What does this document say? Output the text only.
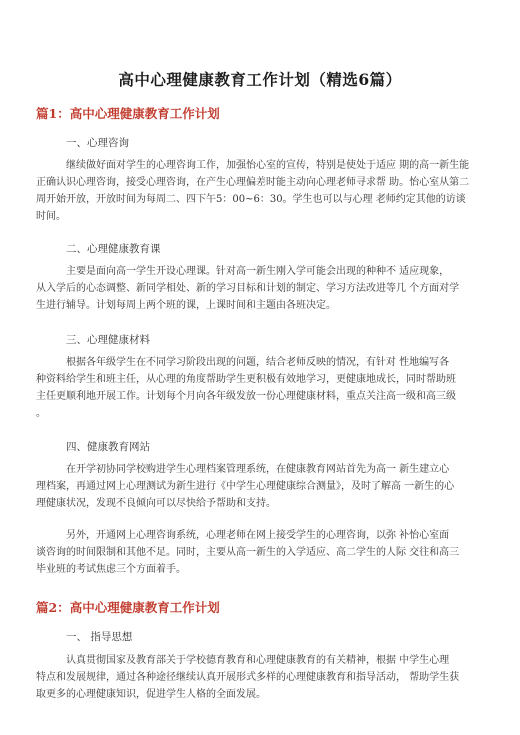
高中心理健康教育工作计划（精选6篇）
篇1：高中心理健康教育工作计划
一、心理咨询
继续做好面对学生的心理咨询工作，加强怡心室的宣传，特别是使处于适应 期的高一新生能
正确认识心理咨询，接受心理咨询，在产生心理偏差时能主动向心理老师寻求帮 助。怡心室从第二
周开始开放，开放时间为每周二、四下午5：00~6：30。学生也可以与心理 老师约定其他的访谈
时间。
二、心理健康教育课
主要是面向高一学生开设心理课。针对高一新生刚入学可能会出现的种种不 适应现象，
从入学后的心态调整、新同学相处、新的学习目标和计划的制定、学习方法改进等几 个方面对学
生进行辅导。计划每周上两个班的课，上课时间和主题由各班决定。
三、心理健康材料
根据各年级学生在不同学习阶段出现的问题，结合老师反映的情况，有针对 性地编写各
种资料给学生和班主任，从心理的角度帮助学生更积极有效地学习，更健康地成长，同时帮助班
主任更顺利地开展工作。计划每个月向各年级发放一份心理健康材料，重点关注高一级和高三级
。
四、健康教育网站
在开学初协同学校购进学生心理档案管理系统，在健康教育网站首先为高一 新生建立心
理档案，再通过网上心理测试为新生进行《中学生心理健康综合测量》，及时了解高 一新生的心
理健康状况，发现不良倾向可以尽快给予帮助和支持。
另外，开通网上心理咨询系统，心理老师在网上接受学生的心理咨询，以弥 补怡心室面
谈咨询的时间限制和其他不足。同时，主要从高一新生的入学适应、高二学生的人际 交往和高三
毕业班的考试焦虑三个方面着手。
篇2：高中心理健康教育工作计划
一、 指导思想
认真贯彻国家及教育部关于学校德育教育和心理健康教育的有关精神，根据 中学生心理
特点和发展规律，通过各种途径继续认真开展形式多样的心理健康教育和指导活动， 帮助学生获
取更多的心理健康知识，促进学生人格的全面发展。
